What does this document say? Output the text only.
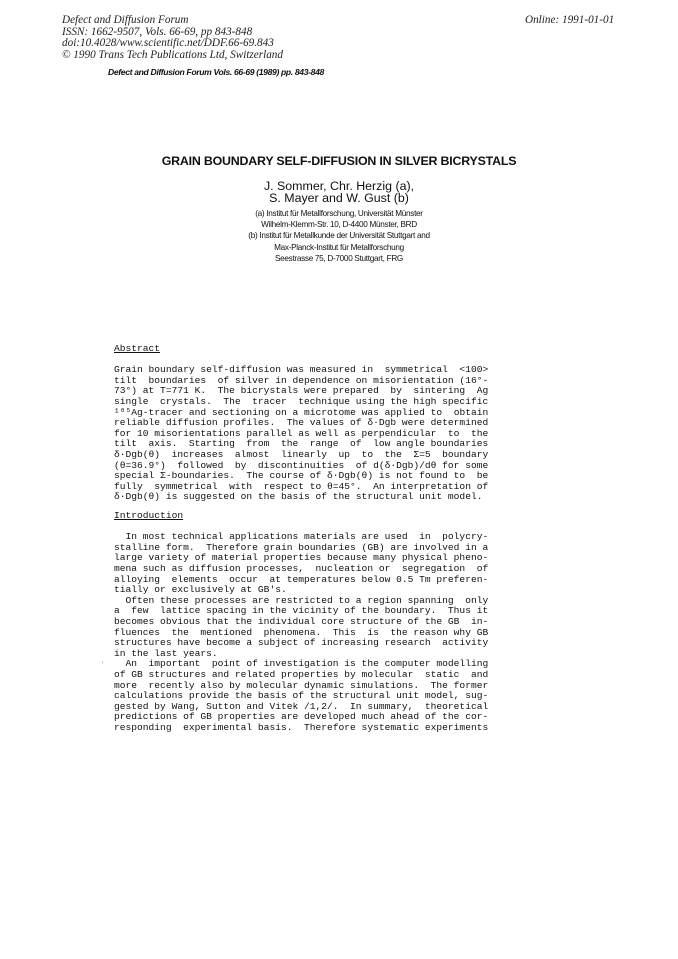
Defect and Diffusion Forum
ISSN: 1662-9507, Vols. 66-69, pp 843-848
doi:10.4028/www.scientific.net/DDF.66-69.843
© 1990 Trans Tech Publications Ltd, Switzerland
Online: 1991-01-01
Defect and Diffusion Forum Vols. 66-69 (1989) pp. 843-848
GRAIN BOUNDARY SELF-DIFFUSION IN SILVER BICRYSTALS
J. Sommer, Chr. Herzig (a),
S. Mayer and W. Gust (b)
(a) Institut für Metallforschung, Universität Münster
Wilhelm-Klemm-Str. 10, D-4400 Münster, BRD
(b) Institut für Metallkunde der Universität Stuttgart and
Max-Planck-Institut für Metallforschung
Seestrasse 75, D-7000 Stuttgart, FRG
Abstract
Grain boundary self-diffusion was measured in  symmetrical  <100>
tilt  boundaries  of silver in dependence on misorientation (16°-
73°) at T=771 K.  The bicrystals were prepared  by  sintering  Ag
single  crystals.  The  tracer  technique using the high specific
¹⁰⁵Ag-tracer and sectioning on a microtome was applied to  obtain
reliable diffusion profiles.  The values of δ·Dgb were determined
for 10 misorientations parallel as well as perpendicular  to  the
tilt  axis.  Starting  from  the  range  of  low angle boundaries
δ·Dgb(θ)  increases  almost  linearly  up  to  the  Σ=5  boundary
(θ=36.9°)  followed  by  discontinuities  of d(δ·Dgb)/dθ for some
special Σ-boundaries.  The course of δ·Dgb(θ) is not found to  be
fully  symmetrical  with  respect to θ=45°.  An interpretation of
δ·Dgb(θ) is suggested on the basis of the structural unit model.
Introduction
In most technical applications materials are used  in  polycry-
stalline form.  Therefore grain boundaries (GB) are involved in a
large variety of material properties because many physical pheno-
mena such as diffusion processes,  nucleation or  segregation  of
alloying  elements  occur  at temperatures below 0.5 Tm preferen-
tially or exclusively at GB's.
Often these processes are restricted to a region spanning  only
a  few  lattice spacing in the vicinity of the boundary.  Thus it
becomes obvious that the individual core structure of the GB  in-
fluences  the  mentioned  phenomena.  This  is  the reason why GB
structures have become a subject of increasing research  activity
in the last years.
An  important  point of investigation is the computer modelling
of GB structures and related properties by molecular  static  and
more  recently also by molecular dynamic simulations.  The former
calculations provide the basis of the structural unit model, sug-
gested by Wang, Sutton and Vitek /1,2/.  In summary,  theoretical
predictions of GB properties are developed much ahead of the cor-
responding  experimental basis.  Therefore systematic experiments
'
